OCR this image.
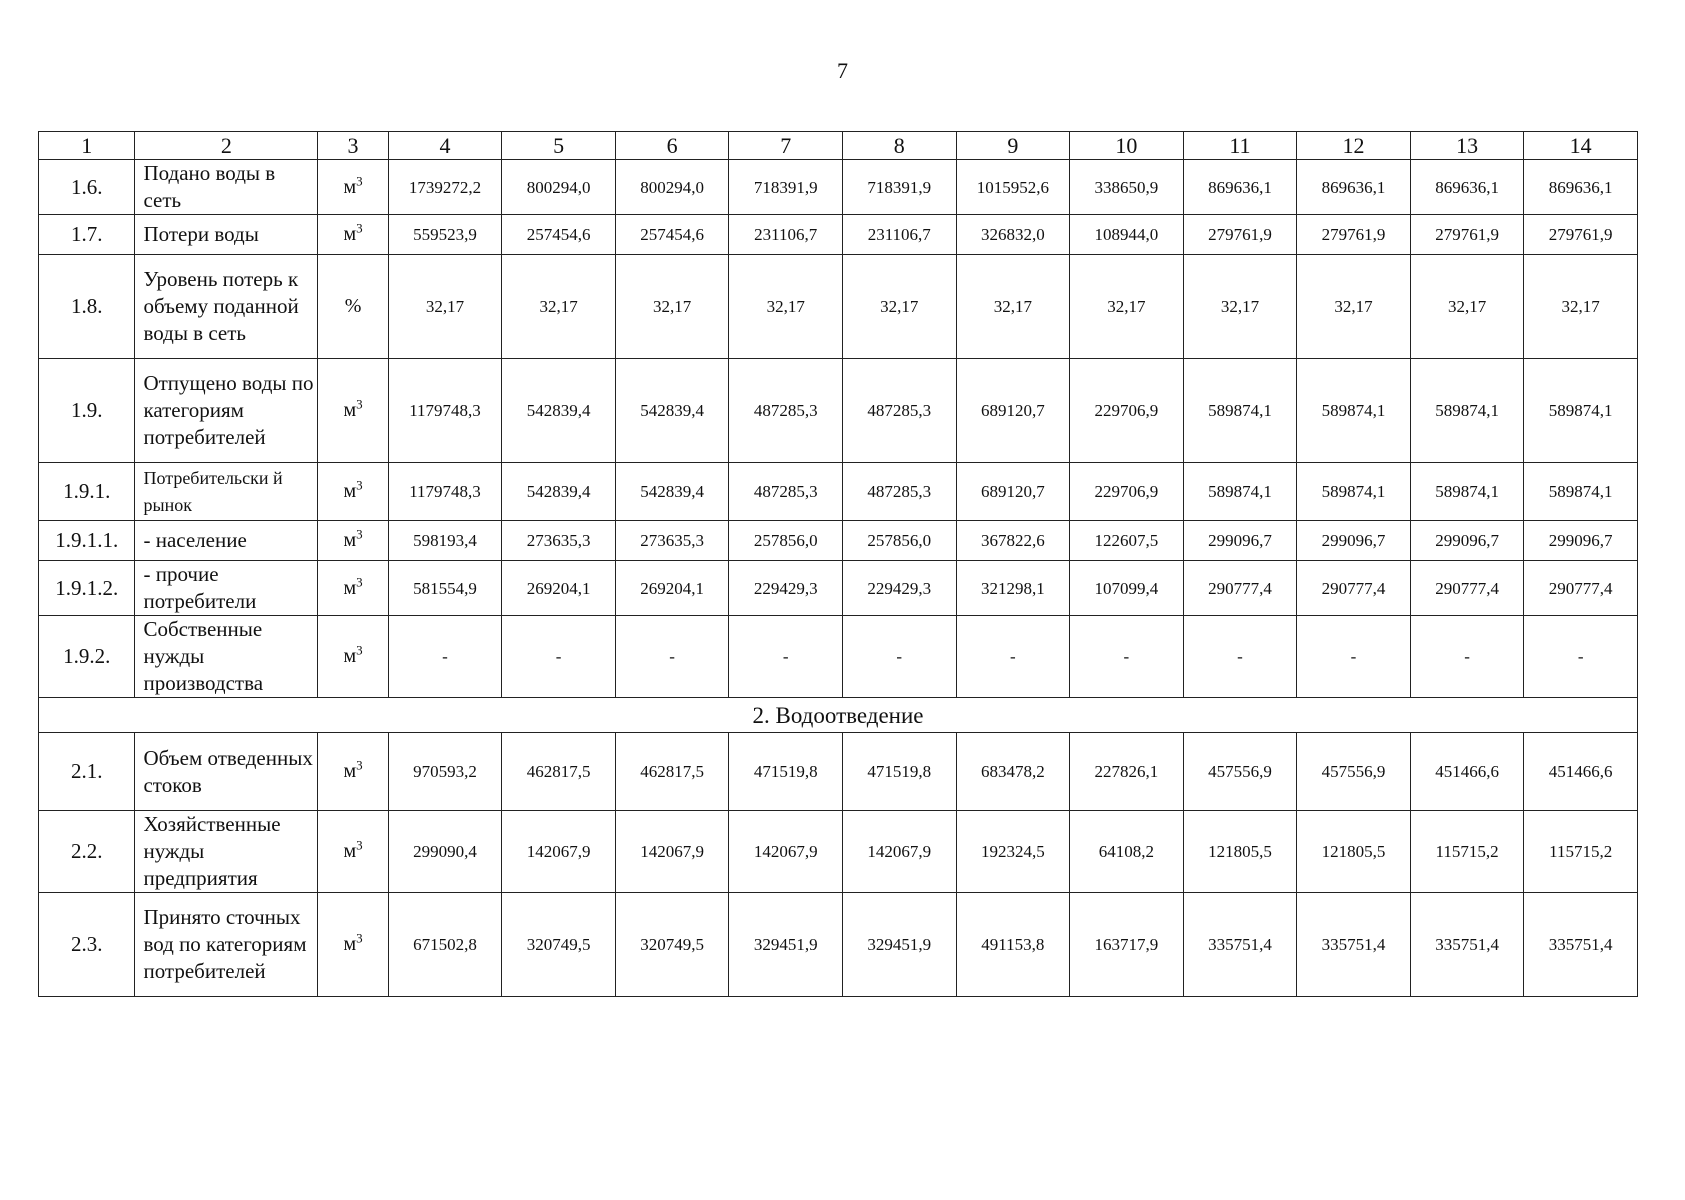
7
1	2	3	4	5	6	7	8	9	10	11	12	13	14
1.6.	Подано воды в сеть	$м^3$	1739272,2	800294,0	800294,0	718391,9	718391,9	1015952,6	338650,9	869636,1	869636,1	869636,1	869636,1
1.7.	Потери воды	$м^3$	559523,9	257454,6	257454,6	231106,7	231106,7	326832,0	108944,0	279761,9	279761,9	279761,9	279761,9
1.8.	Уровень потерь к объему поданной воды в сеть	%	32,17	32,17	32,17	32,17	32,17	32,17	32,17	32,17	32,17	32,17	32,17
1.9.	Отпущено воды по категориям потребителей	$м^3$	1179748,3	542839,4	542839,4	487285,3	487285,3	689120,7	229706,9	589874,1	589874,1	589874,1	589874,1
1.9.1.	Потребительски й рынок	$м^3$	1179748,3	542839,4	542839,4	487285,3	487285,3	689120,7	229706,9	589874,1	589874,1	589874,1	589874,1
1.9.1.1.	- население	$м^3$	598193,4	273635,3	273635,3	257856,0	257856,0	367822,6	122607,5	299096,7	299096,7	299096,7	299096,7
1.9.1.2.	- прочие потребители	$м^3$	581554,9	269204,1	269204,1	229429,3	229429,3	321298,1	107099,4	290777,4	290777,4	290777,4	290777,4
1.9.2.	Собственные нужды производства	$м^3$	-	-	-	-	-	-	-	-	-	-	-
2. Водоотведение													
2.1.	Объем отведенных стоков	$м^3$	970593,2	462817,5	462817,5	471519,8	471519,8	683478,2	227826,1	457556,9	457556,9	451466,6	451466,6
2.2.	Хозяйственные нужды предприятия	$м^3$	299090,4	142067,9	142067,9	142067,9	142067,9	192324,5	64108,2	121805,5	121805,5	115715,2	115715,2
2.3.	Принято сточных вод по категориям потребителей	$м^3$	671502,8	320749,5	320749,5	329451,9	329451,9	491153,8	163717,9	335751,4	335751,4	335751,4	335751,4
